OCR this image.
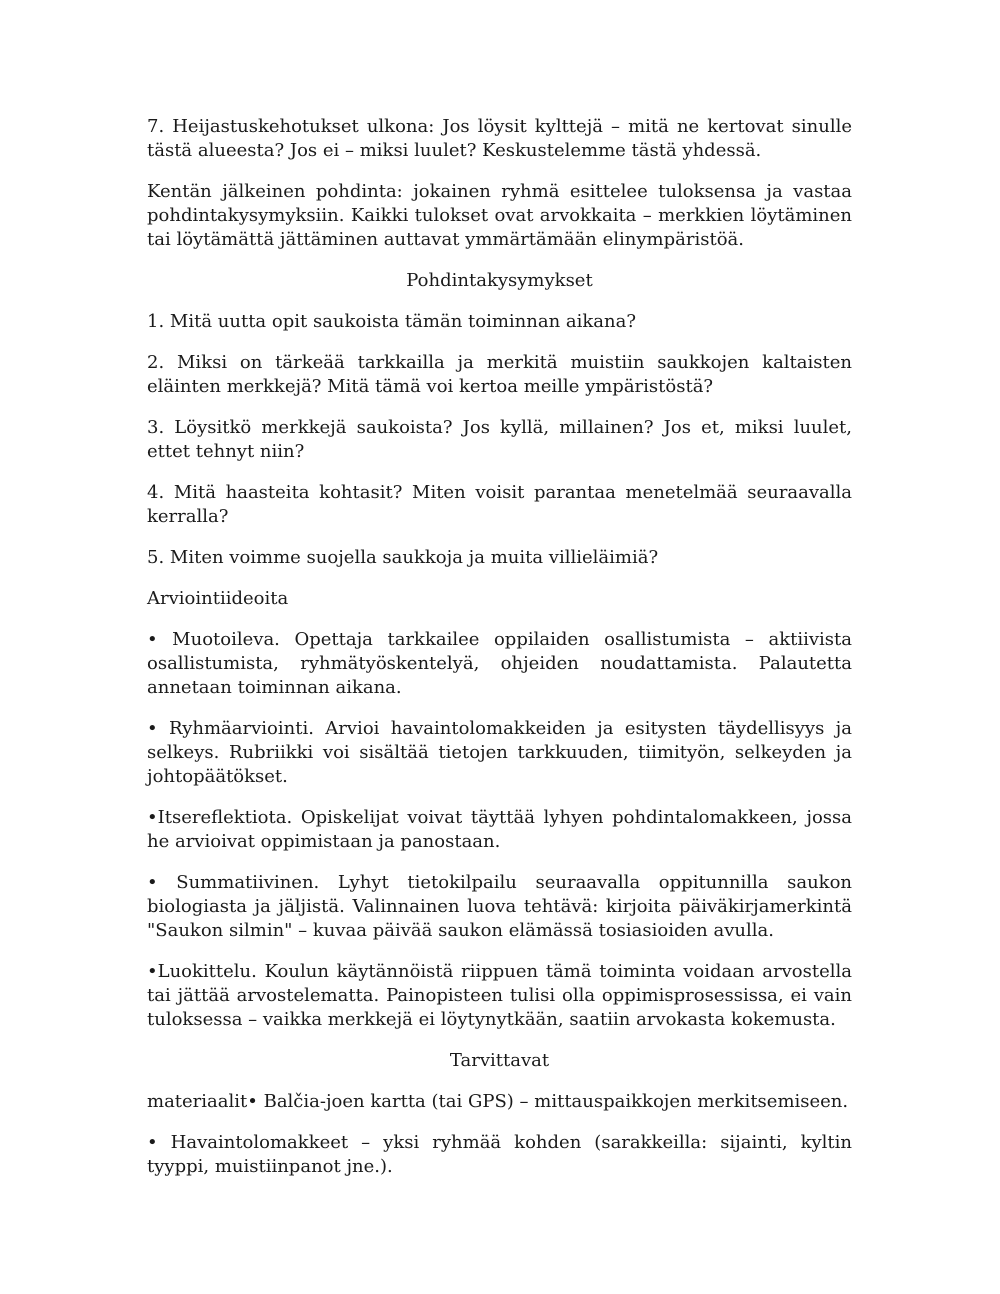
7. Heijastuskehotukset ulkona: Jos löysit kylttejä – mitä ne kertovat sinulle tästä alueesta? Jos ei – miksi luulet? Keskustelemme tästä yhdessä.

Kentän jälkeinen pohdinta: jokainen ryhmä esittelee tuloksensa ja vastaa pohdintakysymyksiin. Kaikki tulokset ovat arvokkaita – merkkien löytäminen tai löytämättä jättäminen auttavat ymmärtämään elinympäristöä.

Pohdintakysymykset

1. Mitä uutta opit saukoista tämän toiminnan aikana?

2. Miksi on tärkeää tarkkailla ja merkitä muistiin saukkojen kaltaisten eläinten merkkejä? Mitä tämä voi kertoa meille ympäristöstä?

3. Löysitkö merkkejä saukoista? Jos kyllä, millainen? Jos et, miksi luulet, ettet tehnyt niin?

4. Mitä haasteita kohtasit? Miten voisit parantaa menetelmää seuraavalla kerralla?

5. Miten voimme suojella saukkoja ja muita villieläimiä?

Arviointiideoita

• Muotoileva. Opettaja tarkkailee oppilaiden osallistumista – aktiivista osallistumista, ryhmätyöskentelyä, ohjeiden noudattamista. Palautetta annetaan toiminnan aikana.

• Ryhmäarviointi. Arvioi havaintolomakkeiden ja esitysten täydellisyys ja selkeys. Rubriikki voi sisältää tietojen tarkkuuden, tiimityön, selkeyden ja johtopäätökset.

•Itsereflektiota. Opiskelijat voivat täyttää lyhyen pohdintalomakkeen, jossa he arvioivat oppimistaan ja panostaan.

• Summatiivinen. Lyhyt tietokilpailu seuraavalla oppitunnilla saukon biologiasta ja jäljistä. Valinnainen luova tehtävä: kirjoita päiväkirjamerkintä "Saukon silmin" – kuvaa päivää saukon elämässä tosiasioiden avulla.

•Luokittelu. Koulun käytännöistä riippuen tämä toiminta voidaan arvostella tai jättää arvostelematta. Painopisteen tulisi olla oppimisprosessissa, ei vain tuloksessa – vaikka merkkejä ei löytynytkään, saatiin arvokasta kokemusta.

Tarvittavat

materiaalit• Balčia-joen kartta (tai GPS) – mittauspaikkojen merkitsemiseen.

• Havaintolomakkeet – yksi ryhmää kohden (sarakkeilla: sijainti, kyltin tyyppi, muistiinpanot jne.).
